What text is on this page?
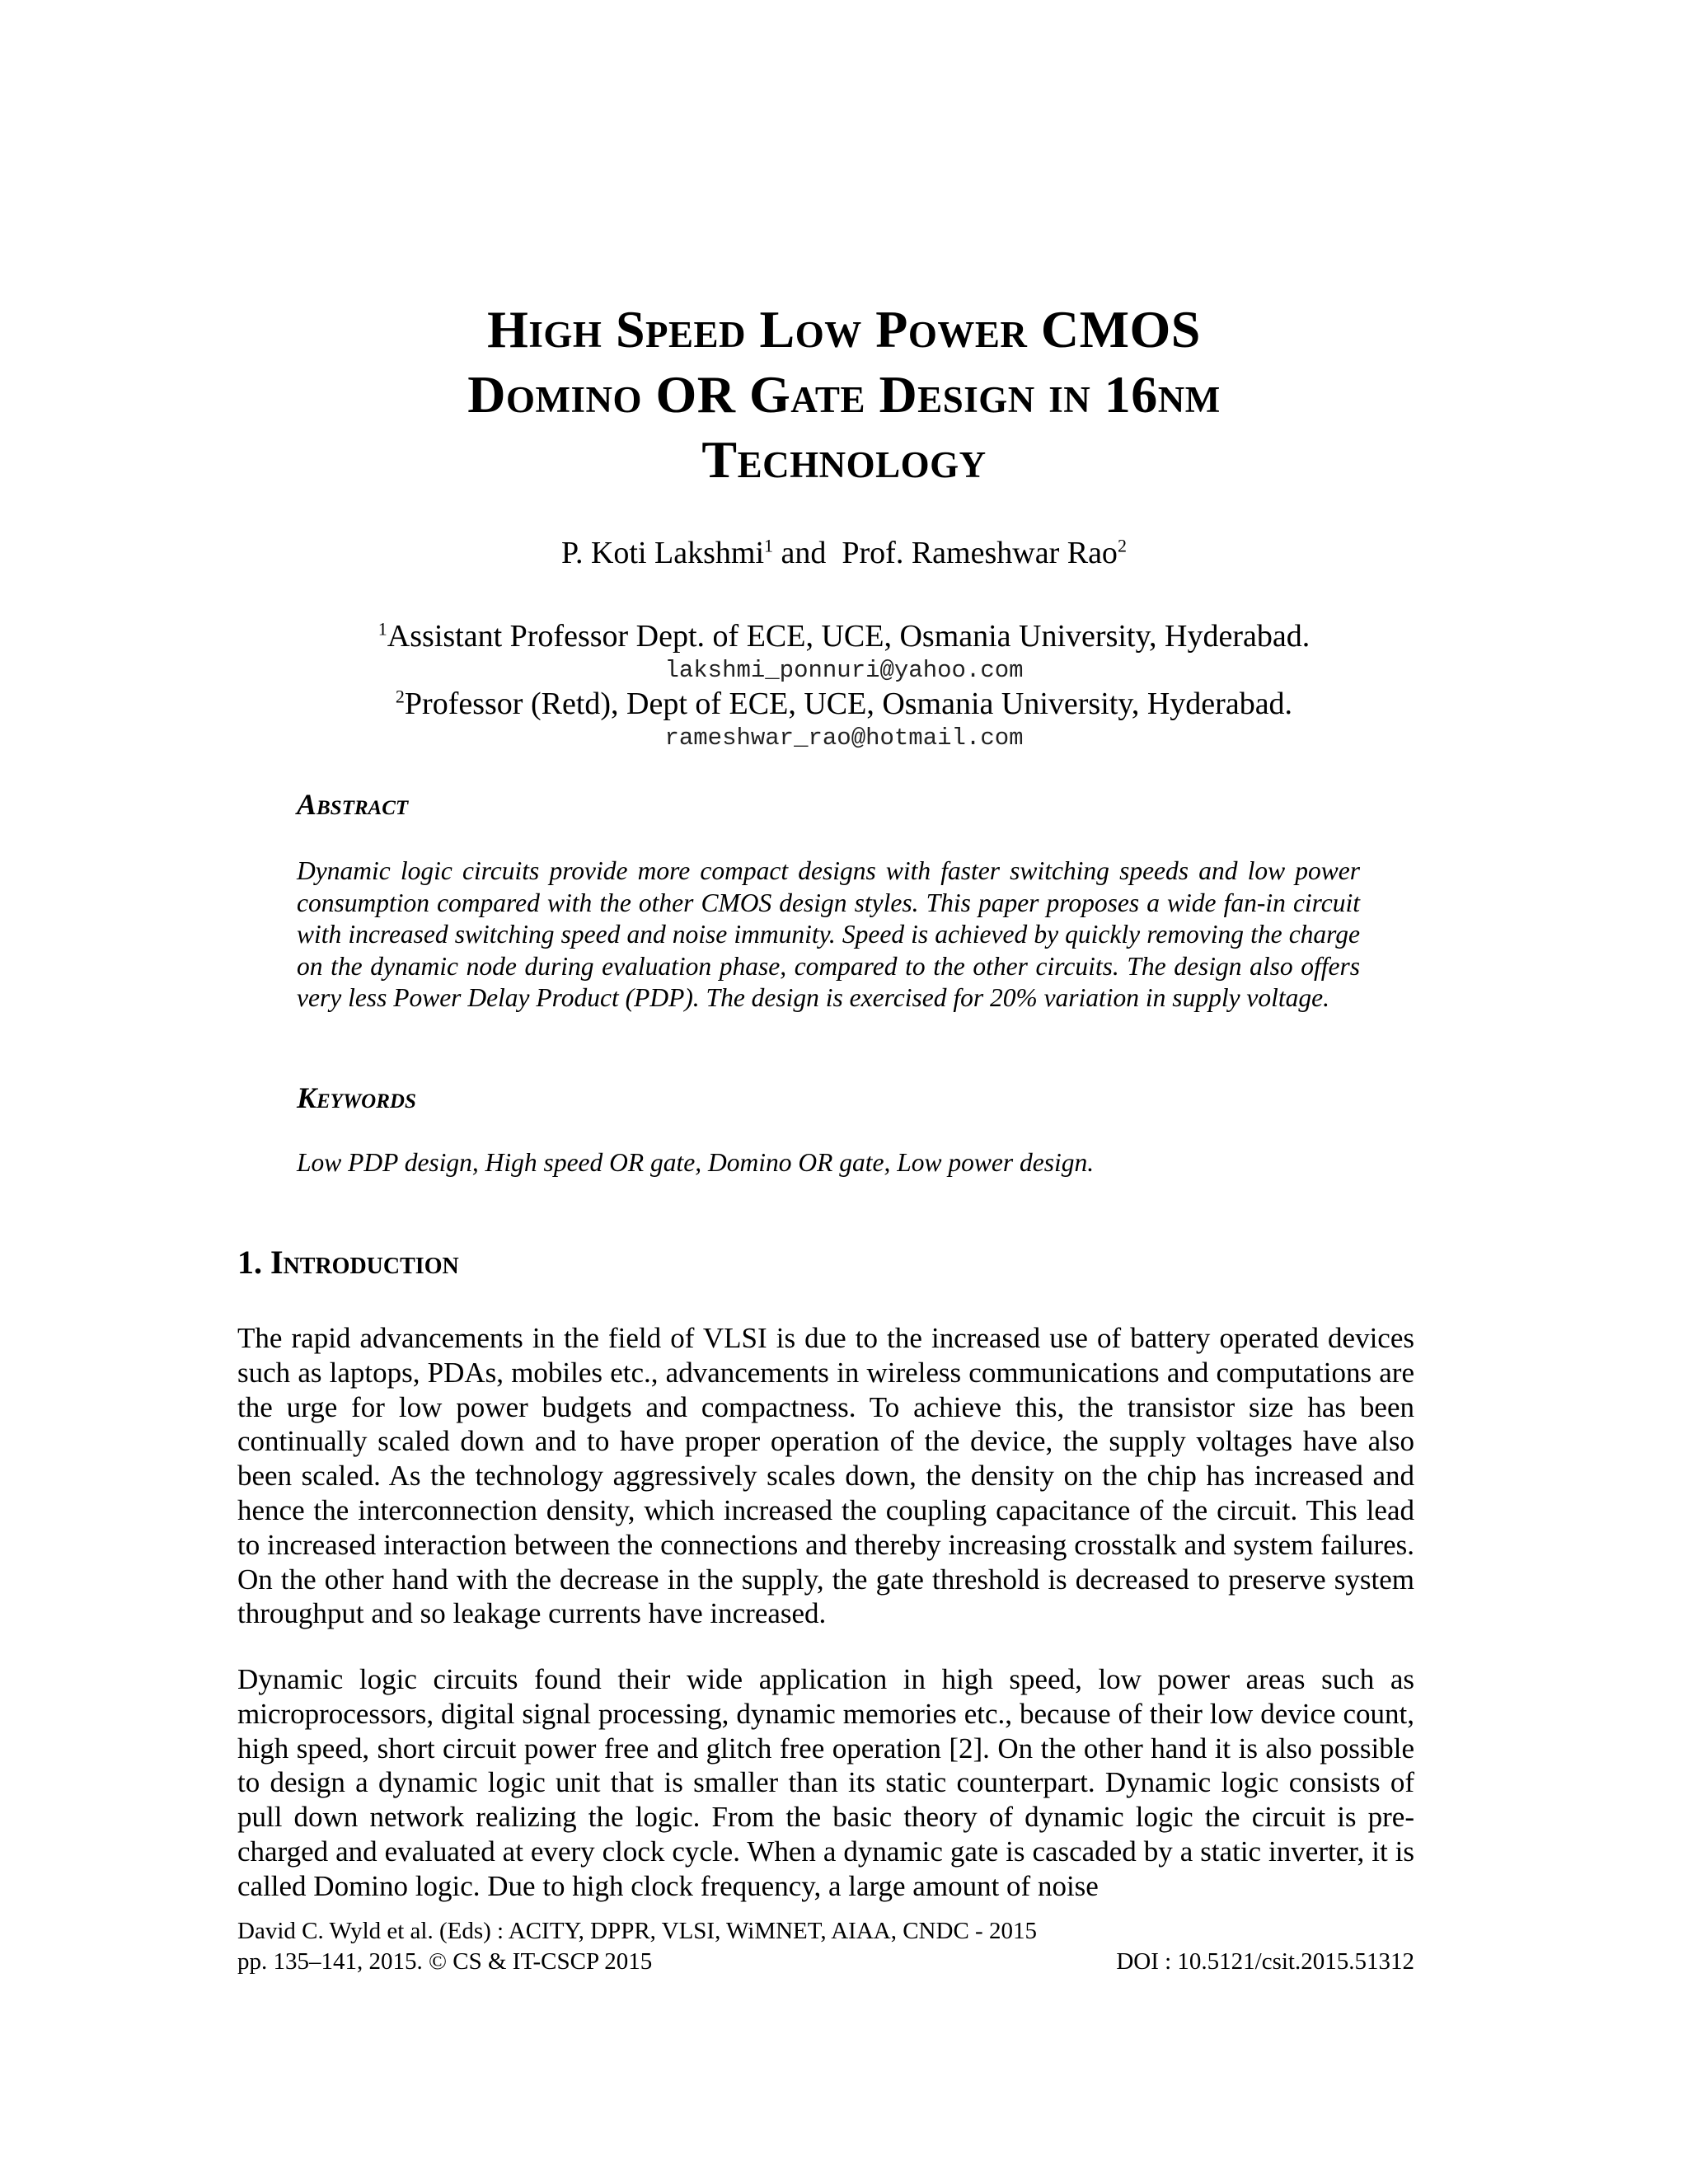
High Speed Low Power CMOS
Domino OR Gate Design in 16nm
Technology
P. Koti Lakshmi$^1$ and Prof. Rameshwar Rao$^2$
$^1$Assistant Professor Dept. of ECE, UCE, Osmania University, Hyderabad.
lakshmi_ponnuri@yahoo.com
$^2$Professor (Retd), Dept of ECE, UCE, Osmania University, Hyderabad.
rameshwar_rao@hotmail.com
Abstract
Dynamic logic circuits provide more compact designs with faster switching speeds and low power consumption compared with the other CMOS design styles. This paper proposes a wide fan-in circuit with increased switching speed and noise immunity. Speed is achieved by quickly removing the charge on the dynamic node during evaluation phase, compared to the other circuits. The design also offers very less Power Delay Product (PDP). The design is exercised for 20% variation in supply voltage.
Keywords
Low PDP design, High speed OR gate, Domino OR gate, Low power design.
1. Introduction
The rapid advancements in the field of VLSI is due to the increased use of battery operated devices such as laptops, PDAs, mobiles etc., advancements in wireless communications and computations are the urge for low power budgets and compactness. To achieve this, the transistor size has been continually scaled down and to have proper operation of the device, the supply voltages have also been scaled. As the technology aggressively scales down, the density on the chip has increased and hence the interconnection density, which increased the coupling capacitance of the circuit. This lead to increased interaction between the connections and thereby increasing crosstalk and system failures. On the other hand with the decrease in the supply, the gate threshold is decreased to preserve system throughput and so leakage currents have increased.
Dynamic logic circuits found their wide application in high speed, low power areas such as microprocessors, digital signal processing, dynamic memories etc., because of their low device count, high speed, short circuit power free and glitch free operation [2]. On the other hand it is also possible to design a dynamic logic unit that is smaller than its static counterpart. Dynamic logic consists of pull down network realizing the logic. From the basic theory of dynamic logic the circuit is pre-charged and evaluated at every clock cycle. When a dynamic gate is cascaded by a static inverter, it is called Domino logic. Due to high clock frequency, a large amount of noise
David C. Wyld et al. (Eds) : ACITY, DPPR, VLSI, WiMNET, AIAA, CNDC - 2015
pp. 135–141, 2015. © CS & IT-CSCP 2015	DOI : 10.5121/csit.2015.51312
